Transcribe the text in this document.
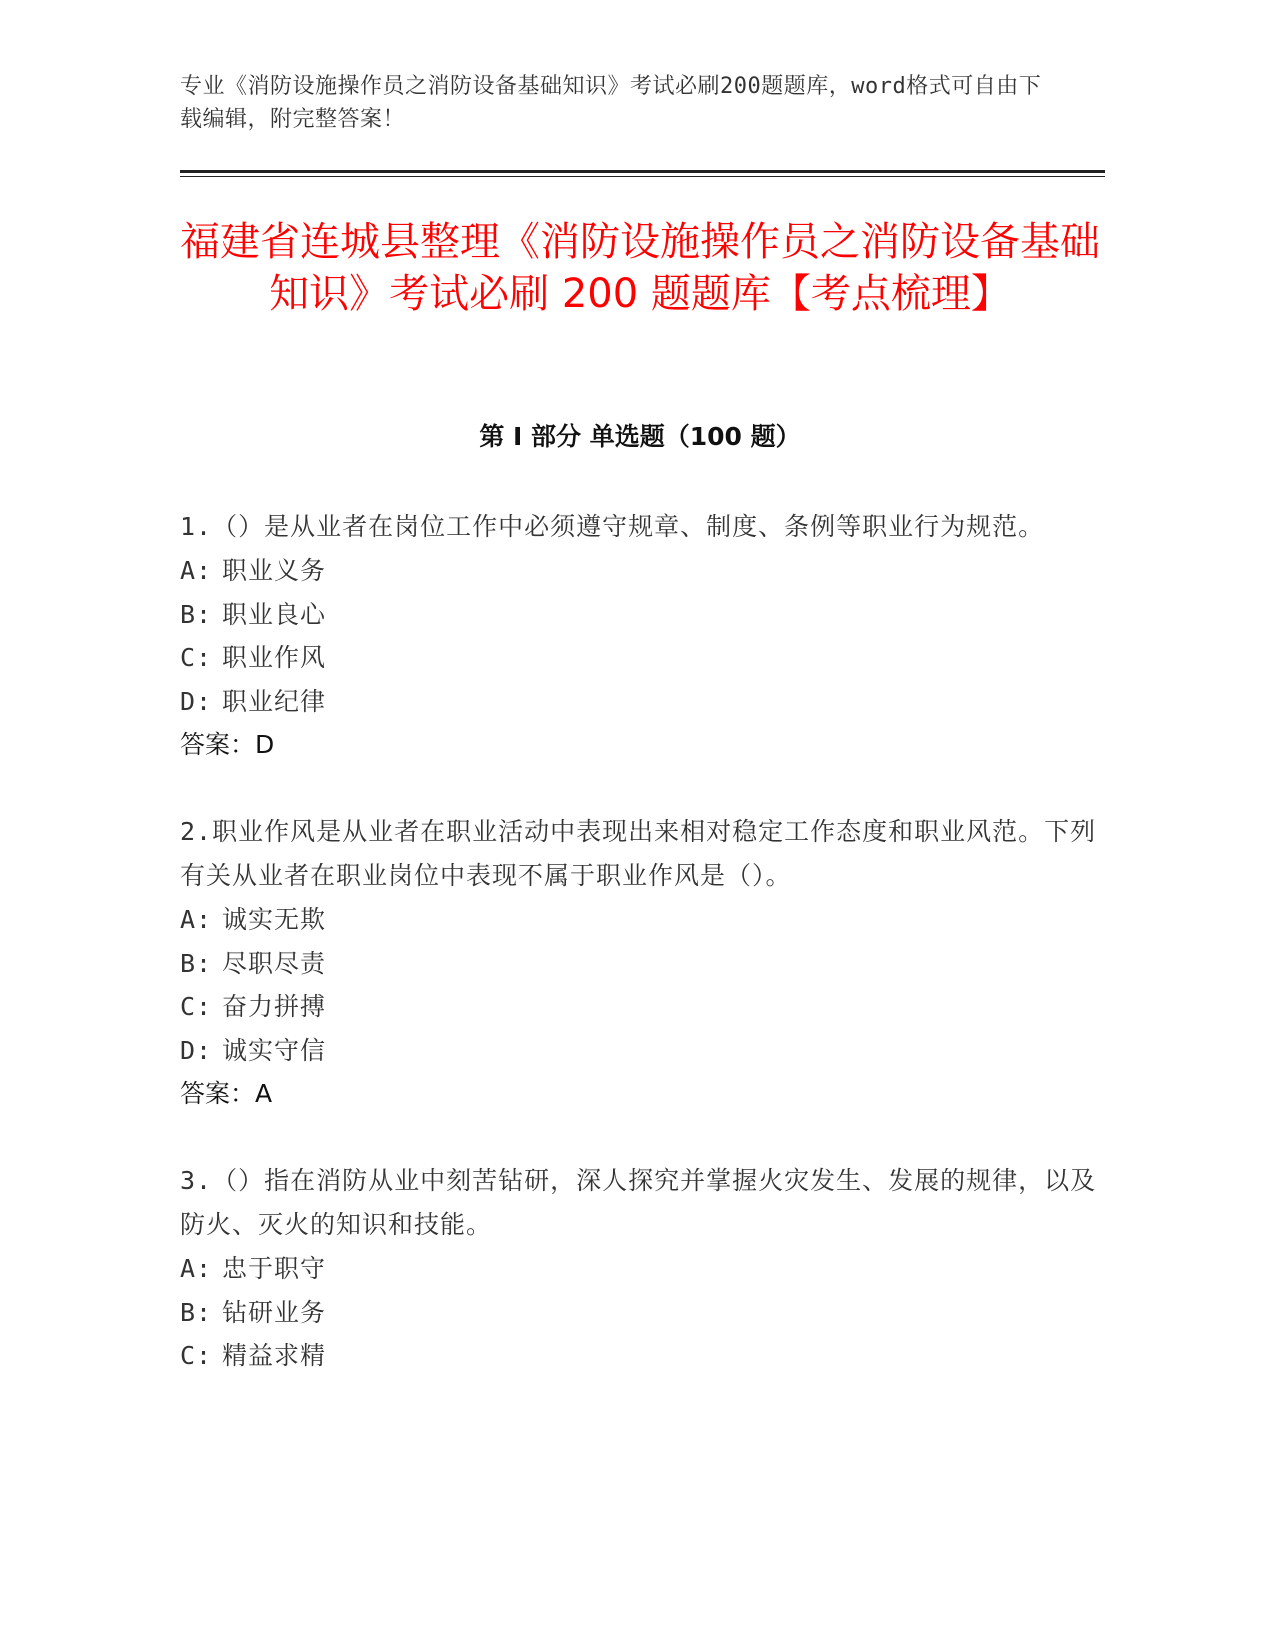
专业《消防设施操作员之消防设备基础知识》考试必刷200题题库，word格式可自由下载编辑，附完整答案！
福建省连城县整理《消防设施操作员之消防设备基础知识》考试必刷 200 题题库【考点梳理】
第 I 部分 单选题（100 题）

1.（）是从业者在岗位工作中必须遵守规章、制度、条例等职业行为规范。

A: 职业义务

B: 职业良心

C: 职业作风

D: 职业纪律

答案：D

2.职业作风是从业者在职业活动中表现出来相对稳定工作态度和职业风范。下列有关从业者在职业岗位中表现不属于职业作风是（）。

A: 诚实无欺

B: 尽职尽责

C: 奋力拼搏

D: 诚实守信

答案：A

3.（）指在消防从业中刻苦钻研，深人探究并掌握火灾发生、发展的规律，以及防火、灭火的知识和技能。

A: 忠于职守

B: 钻研业务

C: 精益求精
